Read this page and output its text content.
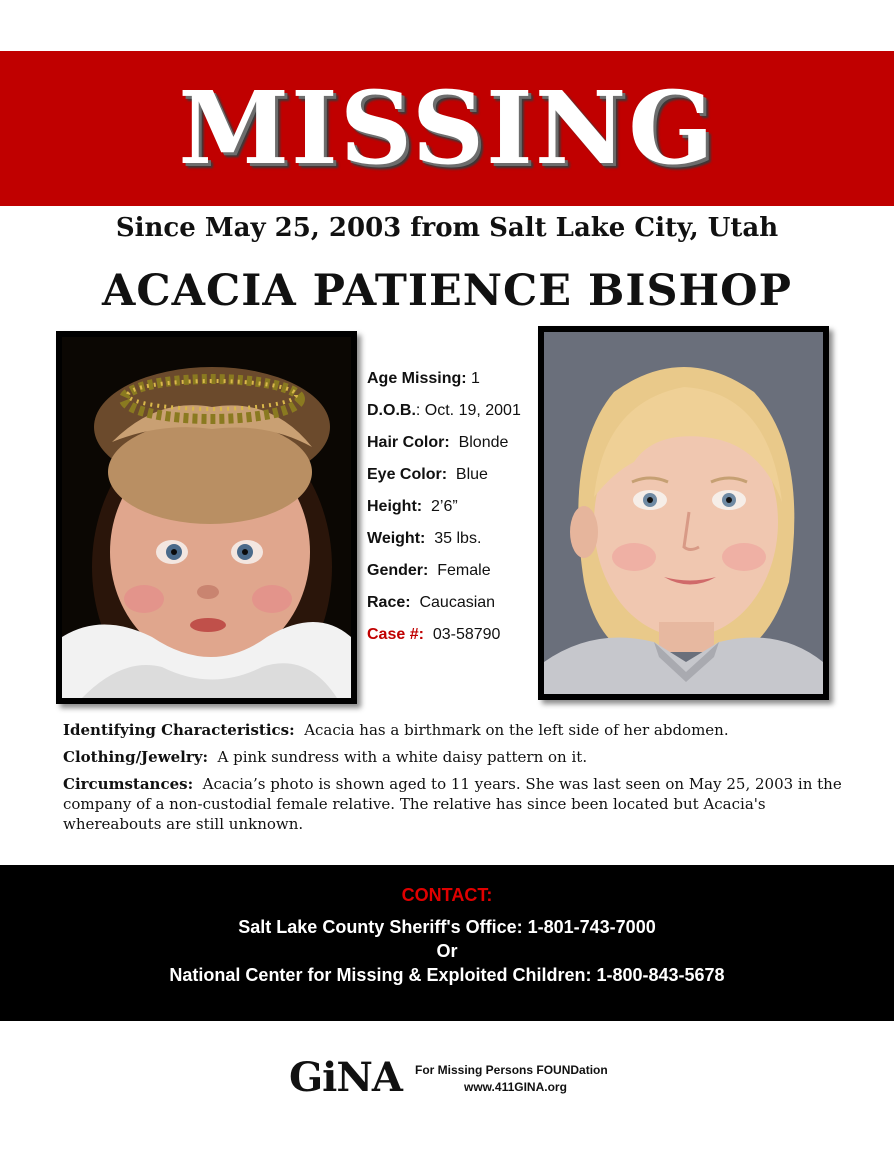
MISSING
Since May 25, 2003 from Salt Lake City, Utah
ACACIA PATIENCE BISHOP
Age Missing: 1
D.O.B.: Oct. 19, 2001
Hair Color: Blonde
Eye Color: Blue
Height: 2’6”
Weight: 35 lbs.
Gender: Female
Race: Caucasian
Case #: 03-58790

Identifying Characteristics: Acacia has a birthmark on the left side of her abdomen.

Clothing/Jewelry: A pink sundress with a white daisy pattern on it.

Circumstances: Acacia’s photo is shown aged to 11 years. She was last seen on May 25, 2003 in the company of a non-custodial female relative. The relative has since been located but Acacia's whereabouts are still unknown.

CONTACT:
Salt Lake County Sheriff's Office: 1-801-743-7000
Or
National Center for Missing & Exploited Children: 1-800-843-5678
GiNA For Missing Persons FOUNDation
www.411GINA.org
